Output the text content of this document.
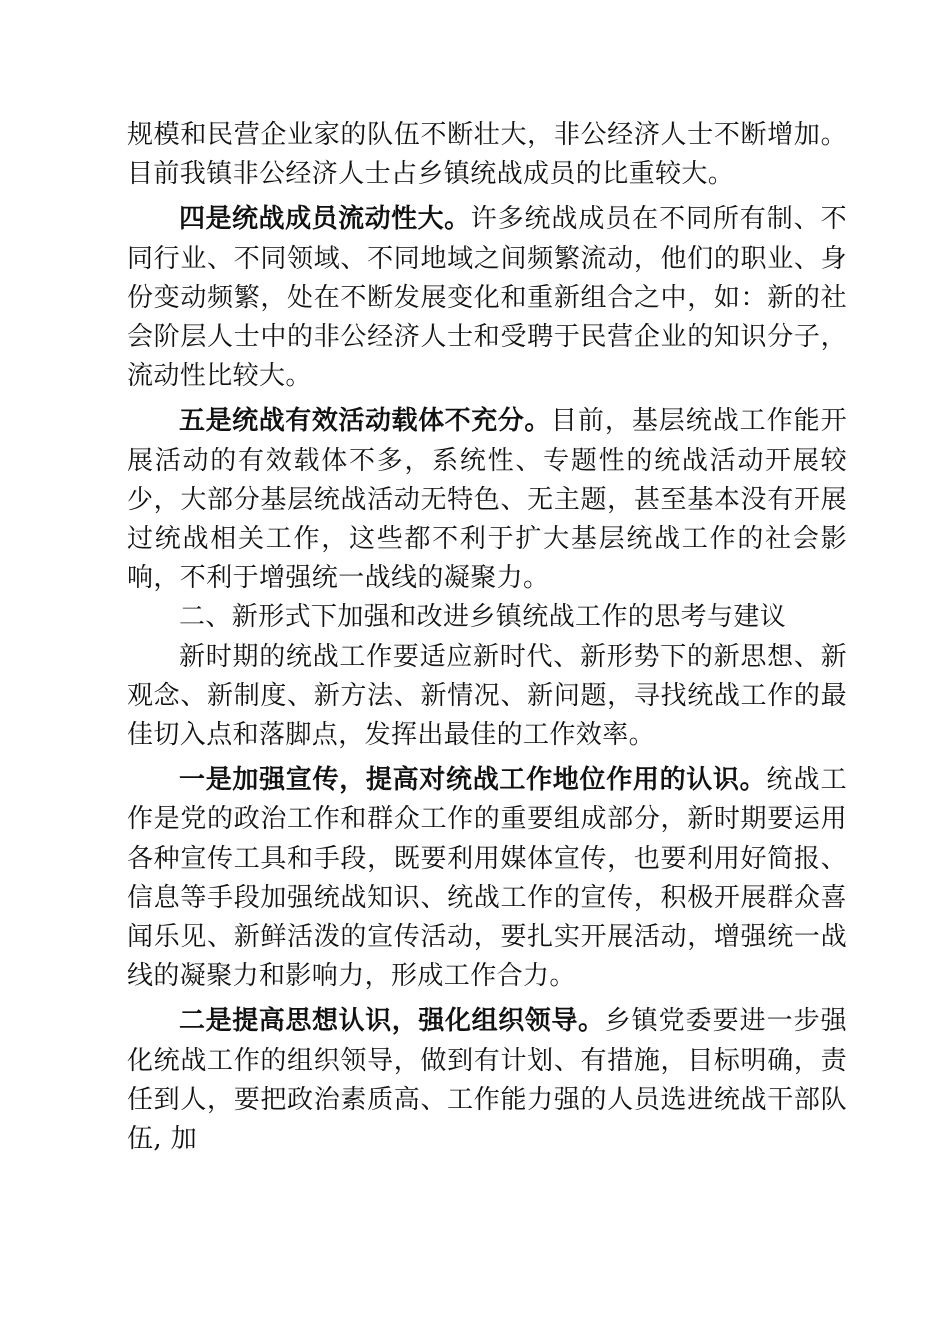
规模和民营企业家的队伍不断壮大，非公经济人士不断增加。目前我镇非公经济人士占乡镇统战成员的比重较大。

四是统战成员流动性大。许多统战成员在不同所有制、不同行业、不同领域、不同地域之间频繁流动，他们的职业、身份变动频繁，处在不断发展变化和重新组合之中，如：新的社会阶层人士中的非公经济人士和受聘于民营企业的知识分子，流动性比较大。

五是统战有效活动载体不充分。目前，基层统战工作能开展活动的有效载体不多，系统性、专题性的统战活动开展较少，大部分基层统战活动无特色、无主题，甚至基本没有开展过统战相关工作，这些都不利于扩大基层统战工作的社会影响，不利于增强统一战线的凝聚力。

二、新形式下加强和改进乡镇统战工作的思考与建议

新时期的统战工作要适应新时代、新形势下的新思想、新观念、新制度、新方法、新情况、新问题，寻找统战工作的最佳切入点和落脚点，发挥出最佳的工作效率。

一是加强宣传，提高对统战工作地位作用的认识。统战工作是党的政治工作和群众工作的重要组成部分，新时期要运用各种宣传工具和手段，既要利用媒体宣传，也要利用好简报、信息等手段加强统战知识、统战工作的宣传，积极开展群众喜闻乐见、新鲜活泼的宣传活动，要扎实开展活动，增强统一战线的凝聚力和影响力，形成工作合力。

二是提高思想认识，强化组织领导。乡镇党委要进一步强化统战工作的组织领导，做到有计划、有措施，目标明确，责任到人，要把政治素质高、工作能力强的人员选进统战干部队伍, 加
